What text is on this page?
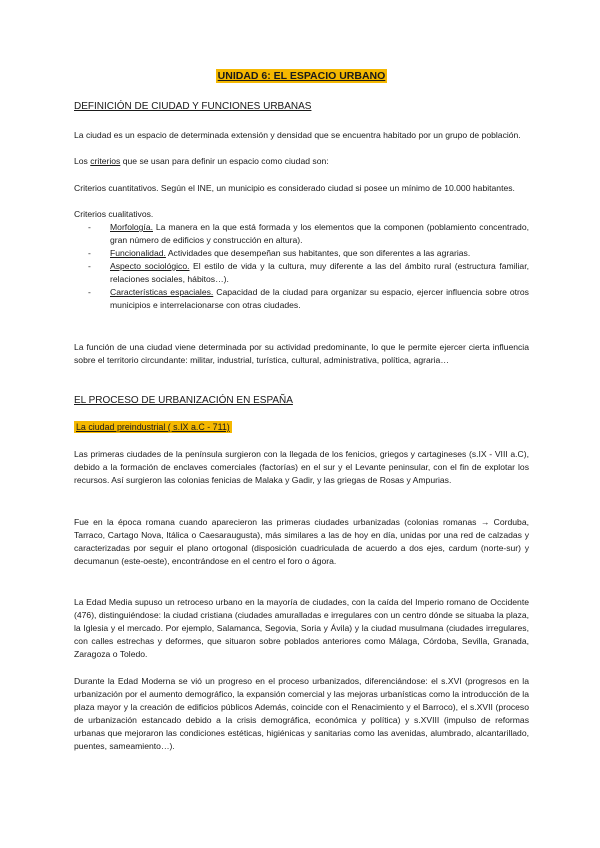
UNIDAD 6: EL ESPACIO URBANO
DEFINICIÓN DE CIUDAD Y FUNCIONES URBANAS

La ciudad es un espacio de determinada extensión y densidad que se encuentra habitado por un grupo de población.

Los criterios que se usan para definir un espacio como ciudad son:

Criterios cuantitativos. Según el INE, un municipio es considerado ciudad si posee un mínimo de 10.000 habitantes.

Criterios cualitativos.

- Morfología. La manera en la que está formada y los elementos que la componen (poblamiento concentrado, gran número de edificios y construcción en altura).
- Funcionalidad. Actividades que desempeñan sus habitantes, que son diferentes a las agrarias.
- Aspecto sociológico. El estilo de vida y la cultura, muy diferente a las del ámbito rural (estructura familiar, relaciones sociales, hábitos…).
- Características espaciales. Capacidad de la ciudad para organizar su espacio, ejercer influencia sobre otros municipios e interrelacionarse con otras ciudades.

La función de una ciudad viene determinada por su actividad predominante, lo que le permite ejercer cierta influencia sobre el territorio circundante: militar, industrial, turística, cultural, administrativa, política, agraria…

EL PROCESO DE URBANIZACIÓN EN ESPAÑA
La ciudad preindustrial ( s.IX a.C - 711)

Las primeras ciudades de la península surgieron con la llegada de los fenicios, griegos y cartagineses (s.IX - VIII a.C), debido a la formación de enclaves comerciales (factorías) en el sur y el Levante peninsular, con el fin de explotar los recursos. Así surgieron las colonias fenicias de Malaka y Gadir, y las griegas de Rosas y Ampurias.

Fue en la época romana cuando aparecieron las primeras ciudades urbanizadas (colonias romanas → Corduba, Tarraco, Cartago Nova, Itálica o Caesaraugusta), más similares a las de hoy en día, unidas por una red de calzadas y caracterizadas por seguir el plano ortogonal (disposición cuadriculada de acuerdo a dos ejes, cardum (norte-sur) y decumanun (este-oeste), encontrándose en el centro el foro o ágora.

La Edad Media supuso un retroceso urbano en la mayoría de ciudades, con la caída del Imperio romano de Occidente (476), distinguiéndose: la ciudad cristiana (ciudades amuralladas e irregulares con un centro dónde se situaba la plaza, la Iglesia y el mercado. Por ejemplo, Salamanca, Segovia, Soria y Ávila) y la ciudad musulmana (ciudades irregulares, con calles estrechas y deformes, que situaron sobre poblados anteriores como Málaga, Córdoba, Sevilla, Granada, Zaragoza o Toledo.

Durante la Edad Moderna se vió un progreso en el proceso urbanizados, diferenciándose: el s.XVI (progresos en la urbanización por el aumento demográfico, la expansión comercial y las mejoras urbanísticas como la introducción de la plaza mayor y la creación de edificios públicos Además, coincide con el Renacimiento y el Barroco), el s.XVII (proceso de urbanización estancado debido a la crisis demográfica, económica y política) y s.XVIII (impulso de reformas urbanas que mejoraron las condiciones estéticas, higiénicas y sanitarias como las avenidas, alumbrado, alcantarillado, puentes, sameamiento…).
